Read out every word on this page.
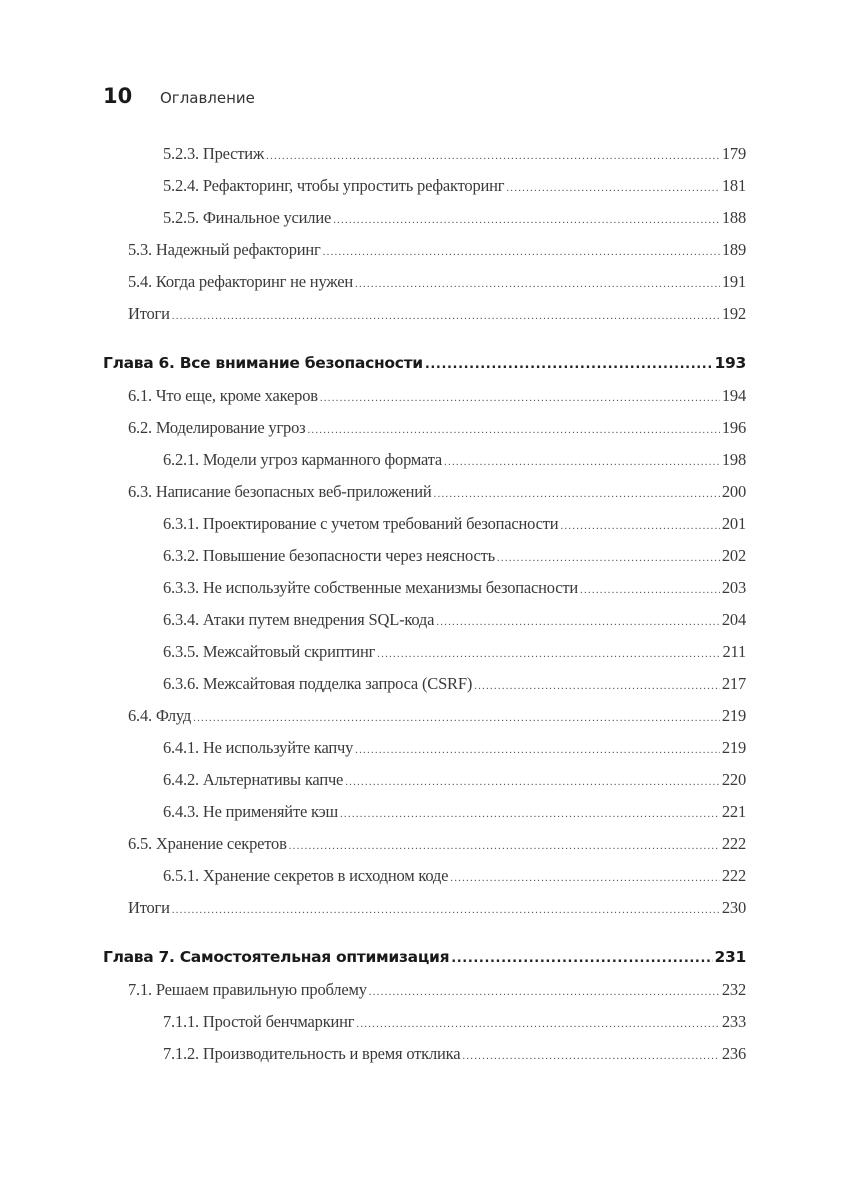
10	Оглавление
5.2.3. Престиж .....	179
5.2.4. Рефакторинг, чтобы упростить рефакторинг .....	181
5.2.5. Финальное усилие .....	188
5.3. Надежный рефакторинг .....	189
5.4. Когда рефакторинг не нужен .....	191
Итоги .....	192
Глава 6. Все внимание безопасности .....	193
6.1. Что еще, кроме хакеров .....	194
6.2. Моделирование угроз .....	196
6.2.1. Модели угроз карманного формата .....	198
6.3. Написание безопасных веб-приложений .....	200
6.3.1. Проектирование с учетом требований безопасности .....	201
6.3.2. Повышение безопасности через неясность .....	202
6.3.3. Не используйте собственные механизмы безопасности .....	203
6.3.4. Атаки путем внедрения SQL-кода .....	204
6.3.5. Межсайтовый скриптинг .....	211
6.3.6. Межсайтовая подделка запроса (CSRF) .....	217
6.4. Флуд .....	219
6.4.1. Не используйте капчу .....	219
6.4.2. Альтернативы капче .....	220
6.4.3. Не применяйте кэш .....	221
6.5. Хранение секретов .....	222
6.5.1. Хранение секретов в исходном коде .....	222
Итоги .....	230
Глава 7. Самостоятельная оптимизация .....	231
7.1. Решаем правильную проблему .....	232
7.1.1. Простой бенчмаркинг .....	233
7.1.2. Производительность и время отклика .....	236
